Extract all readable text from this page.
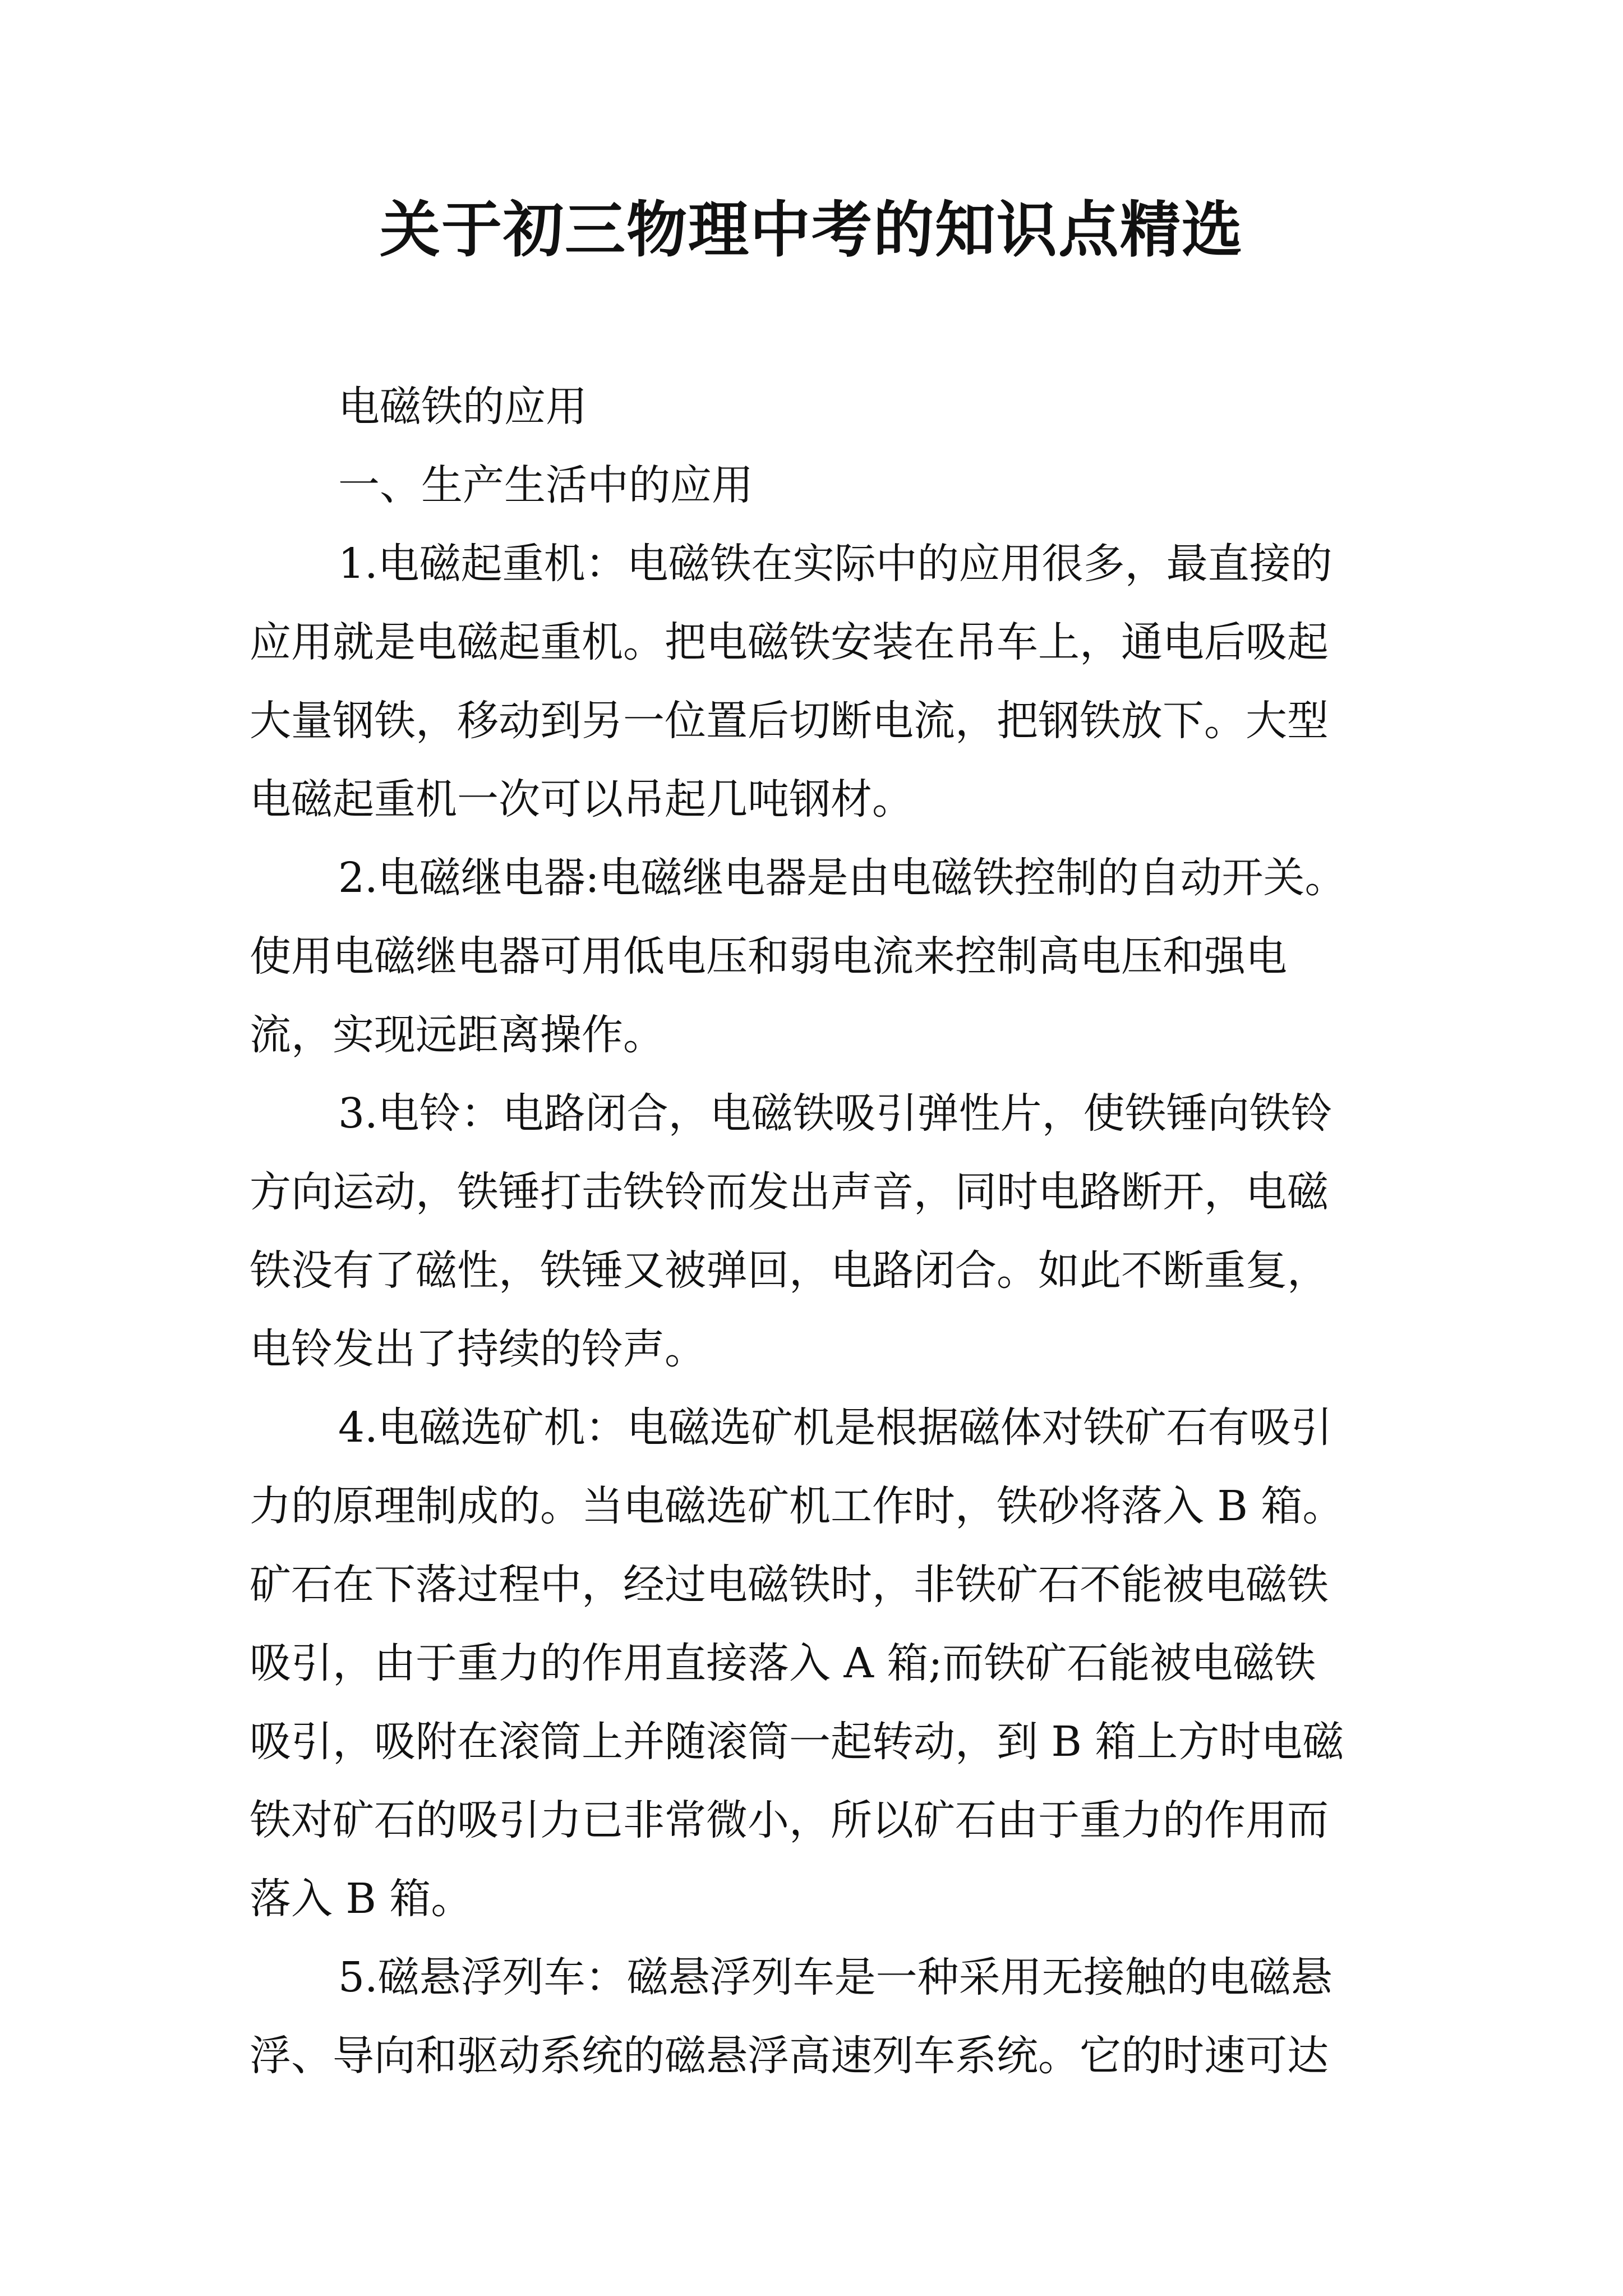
关于初三物理中考的知识点精选
电磁铁的应用
一、生产生活中的应用
1.电磁起重机：电磁铁在实际中的应用很多，最直接的
应用就是电磁起重机。把电磁铁安装在吊车上，通电后吸起
大量钢铁，移动到另一位置后切断电流，把钢铁放下。大型
电磁起重机一次可以吊起几吨钢材。
2.电磁继电器:电磁继电器是由电磁铁控制的自动开关。
使用电磁继电器可用低电压和弱电流来控制高电压和强电
流，实现远距离操作。
3.电铃：电路闭合，电磁铁吸引弹性片，使铁锤向铁铃
方向运动，铁锤打击铁铃而发出声音，同时电路断开，电磁
铁没有了磁性，铁锤又被弹回，电路闭合。如此不断重复，
电铃发出了持续的铃声。
4.电磁选矿机：电磁选矿机是根据磁体对铁矿石有吸引
力的原理制成的。当电磁选矿机工作时，铁砂将落入 B 箱。
矿石在下落过程中，经过电磁铁时，非铁矿石不能被电磁铁
吸引，由于重力的作用直接落入 A 箱;而铁矿石能被电磁铁
吸引，吸附在滚筒上并随滚筒一起转动，到 B 箱上方时电磁
铁对矿石的吸引力已非常微小，所以矿石由于重力的作用而
落入 B 箱。
5.磁悬浮列车：磁悬浮列车是一种采用无接触的电磁悬
浮、导向和驱动系统的磁悬浮高速列车系统。它的时速可达
